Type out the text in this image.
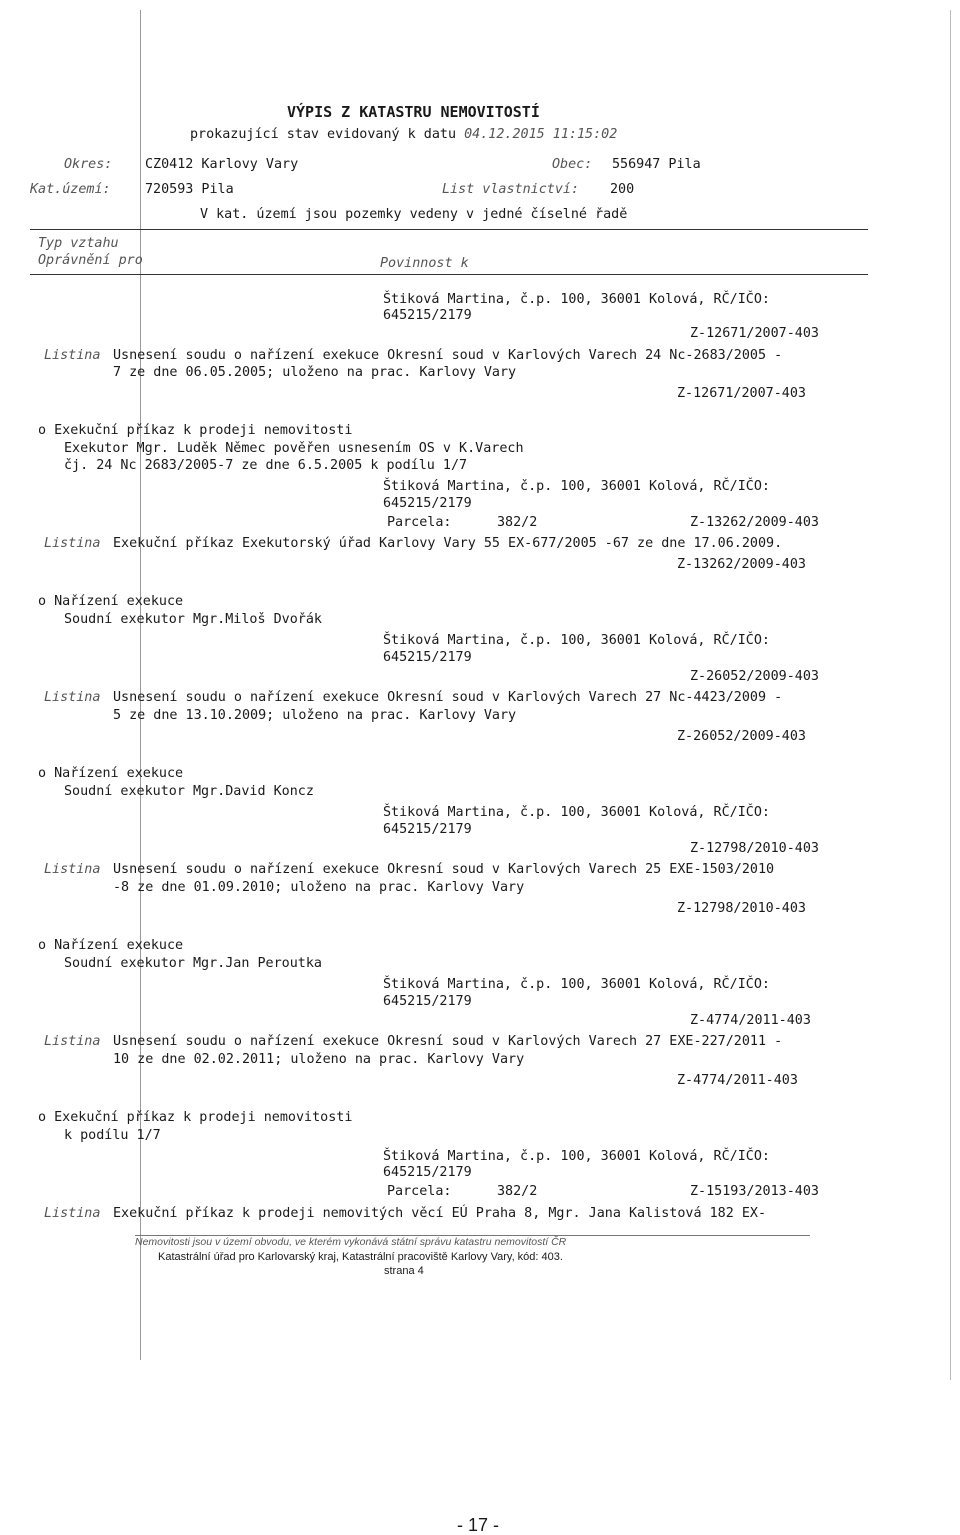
VÝPIS Z KATASTRU NEMOVITOSTÍ
prokazující stav evidovaný k datu 04.12.2015 11:15:02
Okres: CZ0412 Karlovy Vary	Obec: 556947 Pila
Kat.území:	720593 Pila	List vlastnictví: 200
V kat. území jsou pozemky vedeny v jedné číselné řadě
Typ vztahu
Oprávnění pro	Povinnost k
Štiková Martina, č.p. 100, 36001 Kolová, RČ/IČO:
645215/2179
Z-12671/2007-403
Listina Usnesení soudu o nařízení exekuce Okresní soud v Karlových Varech 24 Nc-2683/2005 -
7 ze dne 06.05.2005; uloženo na prac. Karlovy Vary
Z-12671/2007-403
o Exekuční příkaz k prodeji nemovitosti
Exekutor Mgr. Luděk Němec pověřen usnesením OS v K.Varech
čj. 24 Nc 2683/2005-7 ze dne 6.5.2005 k podílu 1/7
Štiková Martina, č.p. 100, 36001 Kolová, RČ/IČO:
645215/2179
Parcela:	382/2	Z-13262/2009-403
Listina Exekuční příkaz Exekutorský úřad Karlovy Vary 55 EX-677/2005 -67 ze dne 17.06.2009.
Z-13262/2009-403
o Nařízení exekuce
Soudní exekutor Mgr.Miloš Dvořák
Štiková Martina, č.p. 100, 36001 Kolová, RČ/IČO:
645215/2179
Z-26052/2009-403
Listina Usnesení soudu o nařízení exekuce Okresní soud v Karlových Varech 27 Nc-4423/2009 -
5 ze dne 13.10.2009; uloženo na prac. Karlovy Vary
Z-26052/2009-403
o Nařízení exekuce
Soudní exekutor Mgr.David Koncz
Štiková Martina, č.p. 100, 36001 Kolová, RČ/IČO:
645215/2179
Z-12798/2010-403
Listina Usnesení soudu o nařízení exekuce Okresní soud v Karlových Varech 25 EXE-1503/2010
-8 ze dne 01.09.2010; uloženo na prac. Karlovy Vary
Z-12798/2010-403
o Nařízení exekuce
Soudní exekutor Mgr.Jan Peroutka
Štiková Martina, č.p. 100, 36001 Kolová, RČ/IČO:
645215/2179
Z-4774/2011-403
Listina Usnesení soudu o nařízení exekuce Okresní soud v Karlových Varech 27 EXE-227/2011 -
10 ze dne 02.02.2011; uloženo na prac. Karlovy Vary
Z-4774/2011-403
o Exekuční příkaz k prodeji nemovitosti
k podílu 1/7
Štiková Martina, č.p. 100, 36001 Kolová, RČ/IČO:
645215/2179
Parcela:	382/2	Z-15193/2013-403
Listina Exekuční příkaz k prodeji nemovitých věcí EÚ Praha 8, Mgr. Jana Kalistová 182 EX-
Nemovitosti jsou v území obvodu, ve kterém vykonává státní správu katastru nemovitostí ČR
Katastrální úřad pro Karlovarský kraj, Katastrální pracoviště Karlovy Vary, kód: 403.
strana 4
- 17 -
